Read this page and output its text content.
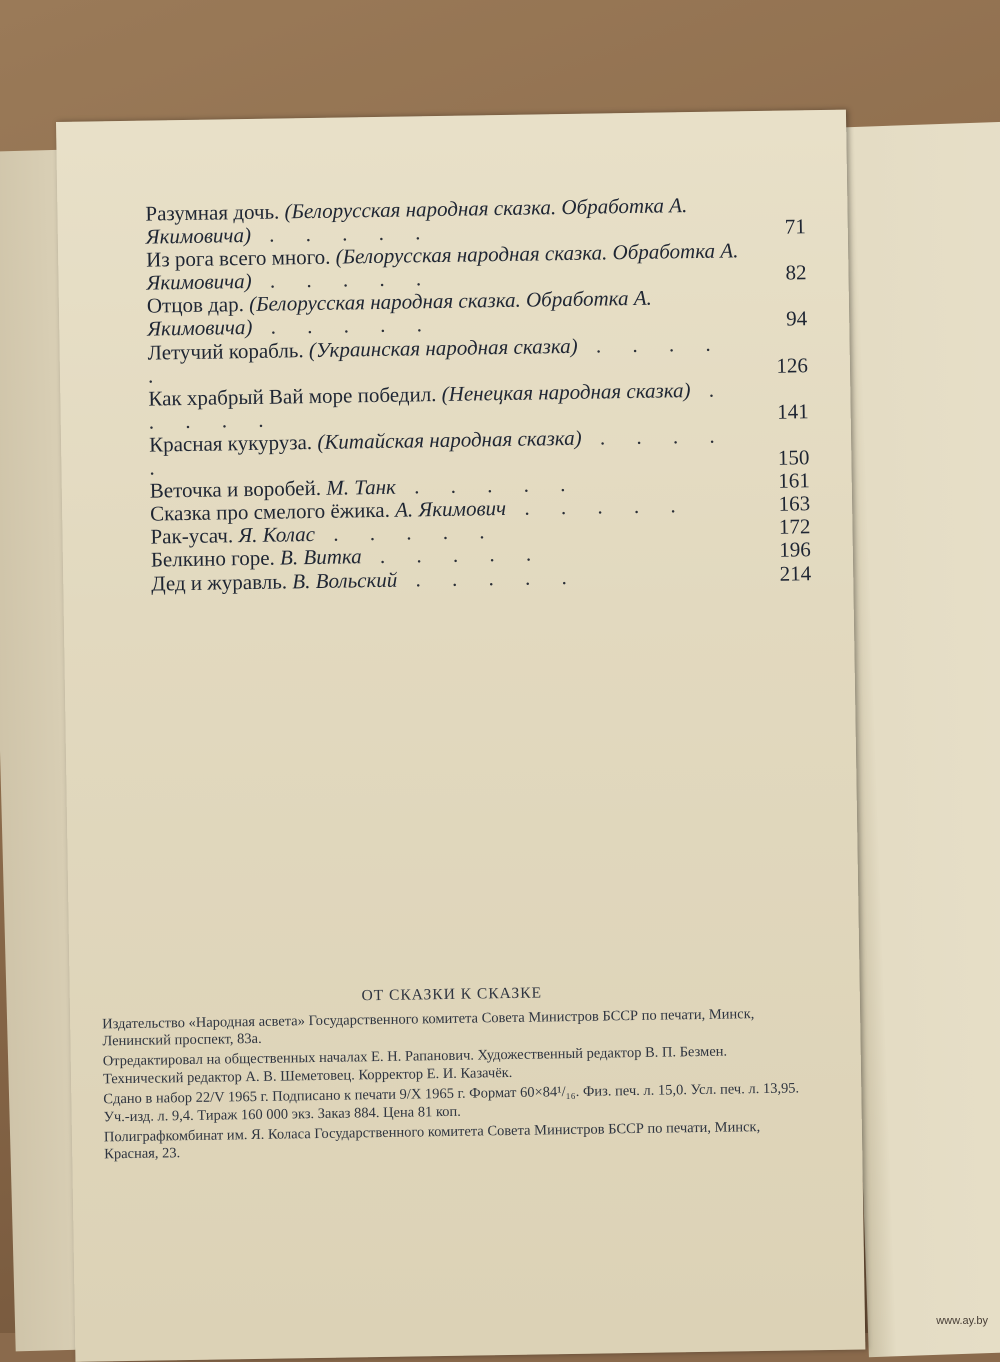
Разумная дочь. (Белорусская народная сказка. Обработка А. Якимовича) . . . . .	71

Из рога всего много. (Белорусская народная сказка. Обработка А. Якимовича) . . . . .	82

Отцов дар. (Белорусская народная сказка. Обработка А. Якимовича) . . . . .	94

Летучий корабль. (Украинская народная сказка) . . . . .	126

Как храбрый Вай море победил. (Ненецкая народная сказка) . . . . .	141

Красная кукуруза. (Китайская народная сказка) . . . . .	150

Веточка и воробей. М. Танк . . . . .	161

Сказка про смелого ёжика. А. Якимович . . . . .	163

Рак-усач. Я. Колас . . . . .	172

Белкино горе. В. Витка . . . . .	196

Дед и журавль. В. Вольский . . . . .	214

ОТ СКАЗКИ К СКАЗКЕ

Издательство «Народная асвета» Государственного комитета Совета Министров БССР по печати, Минск, Ленинский проспект, 83а.

Отредактировал на общественных началах Е. Н. Рапанович. Художественный редактор В. П. Безмен. Технический редактор А. В. Шеметовец. Корректор Е. И. Казачёк.

Сдано в набор 22/V 1965 г. Подписано к печати 9/X 1965 г. Формат 60×84¹/₁₆. Физ. печ. л. 15,0. Усл. печ. л. 13,95. Уч.-изд. л. 9,4. Тираж 160 000 экз. Заказ 884. Цена 81 коп.

Полиграфкомбинат им. Я. Коласа Государственного комитета Совета Министров БССР по печати, Минск, Красная, 23.

www.ay.by
